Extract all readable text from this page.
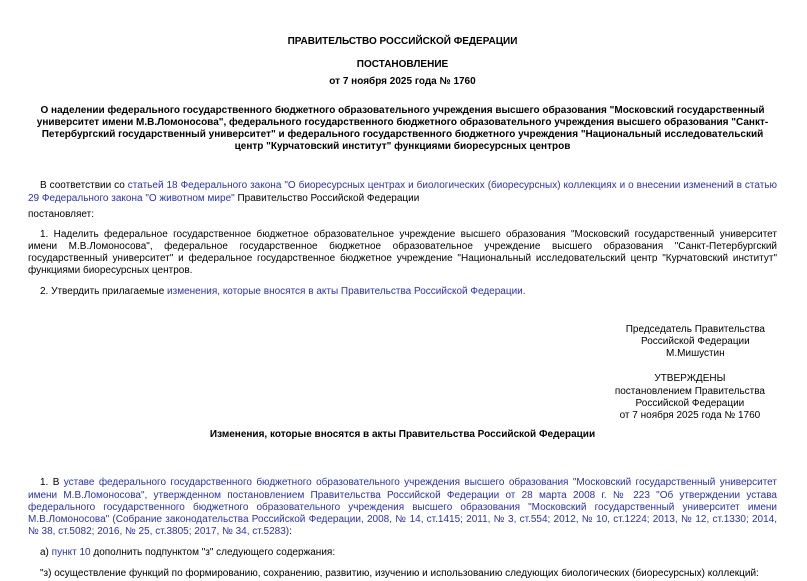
ПРАВИТЕЛЬСТВО РОССИЙСКОЙ ФЕДЕРАЦИИ

ПОСТАНОВЛЕНИЕ

от 7 ноября 2025 года № 1760

О наделении федерального государственного бюджетного образовательного учреждения высшего образования "Московский государственный университет имени М.В.Ломоносова", федерального государственного бюджетного образовательного учреждения высшего образования "Санкт-Петербургский государственный университет" и федерального государственного бюджетного учреждения "Национальный исследовательский центр "Курчатовский институт" функциями биоресурсных центров

В соответствии со статьей 18 Федерального закона "О биоресурсных центрах и биологических (биоресурсных) коллекциях и о внесении изменений в статью 29 Федерального закона "О животном мире" Правительство Российской Федерации

постановляет:

1. Наделить федеральное государственное бюджетное образовательное учреждение высшего образования "Московский государственный университет имени М.В.Ломоносова", федеральное государственное бюджетное образовательное учреждение высшего образования "Санкт-Петербургский государственный университет" и федеральное государственное бюджетное учреждение "Национальный исследовательский центр "Курчатовский институт" функциями биоресурсных центров.

2. Утвердить прилагаемые изменения, которые вносятся в акты Правительства Российской Федерации.

Председатель Правительства
Российской Федерации
М.Мишустин
УТВЕРЖДЕНЫ
постановлением Правительства
Российской Федерации
от 7 ноября 2025 года № 1760

Изменения, которые вносятся в акты Правительства Российской Федерации

1. В уставе федерального государственного бюджетного образовательного учреждения высшего образования "Московский государственный университет имени М.В.Ломоносова", утвержденном постановлением Правительства Российской Федерации от 28 марта 2008 г. № 223 "Об утверждении устава федерального государственного бюджетного образовательного учреждения высшего образования "Московский государственный университет имени М.В.Ломоносова" (Собрание законодательства Российской Федерации, 2008, № 14, ст.1415; 2011, № 3, ст.554; 2012, № 10, ст.1224; 2013, № 12, ст.1330; 2014, № 38, ст.5082; 2016, № 25, ст.3805; 2017, № 34, ст.5283):

а) пункт 10 дополнить подпунктом "з" следующего содержания:

"з) осуществление функций по формированию, сохранению, развитию, изучению и использованию следующих биологических (биоресурсных) коллекций:
